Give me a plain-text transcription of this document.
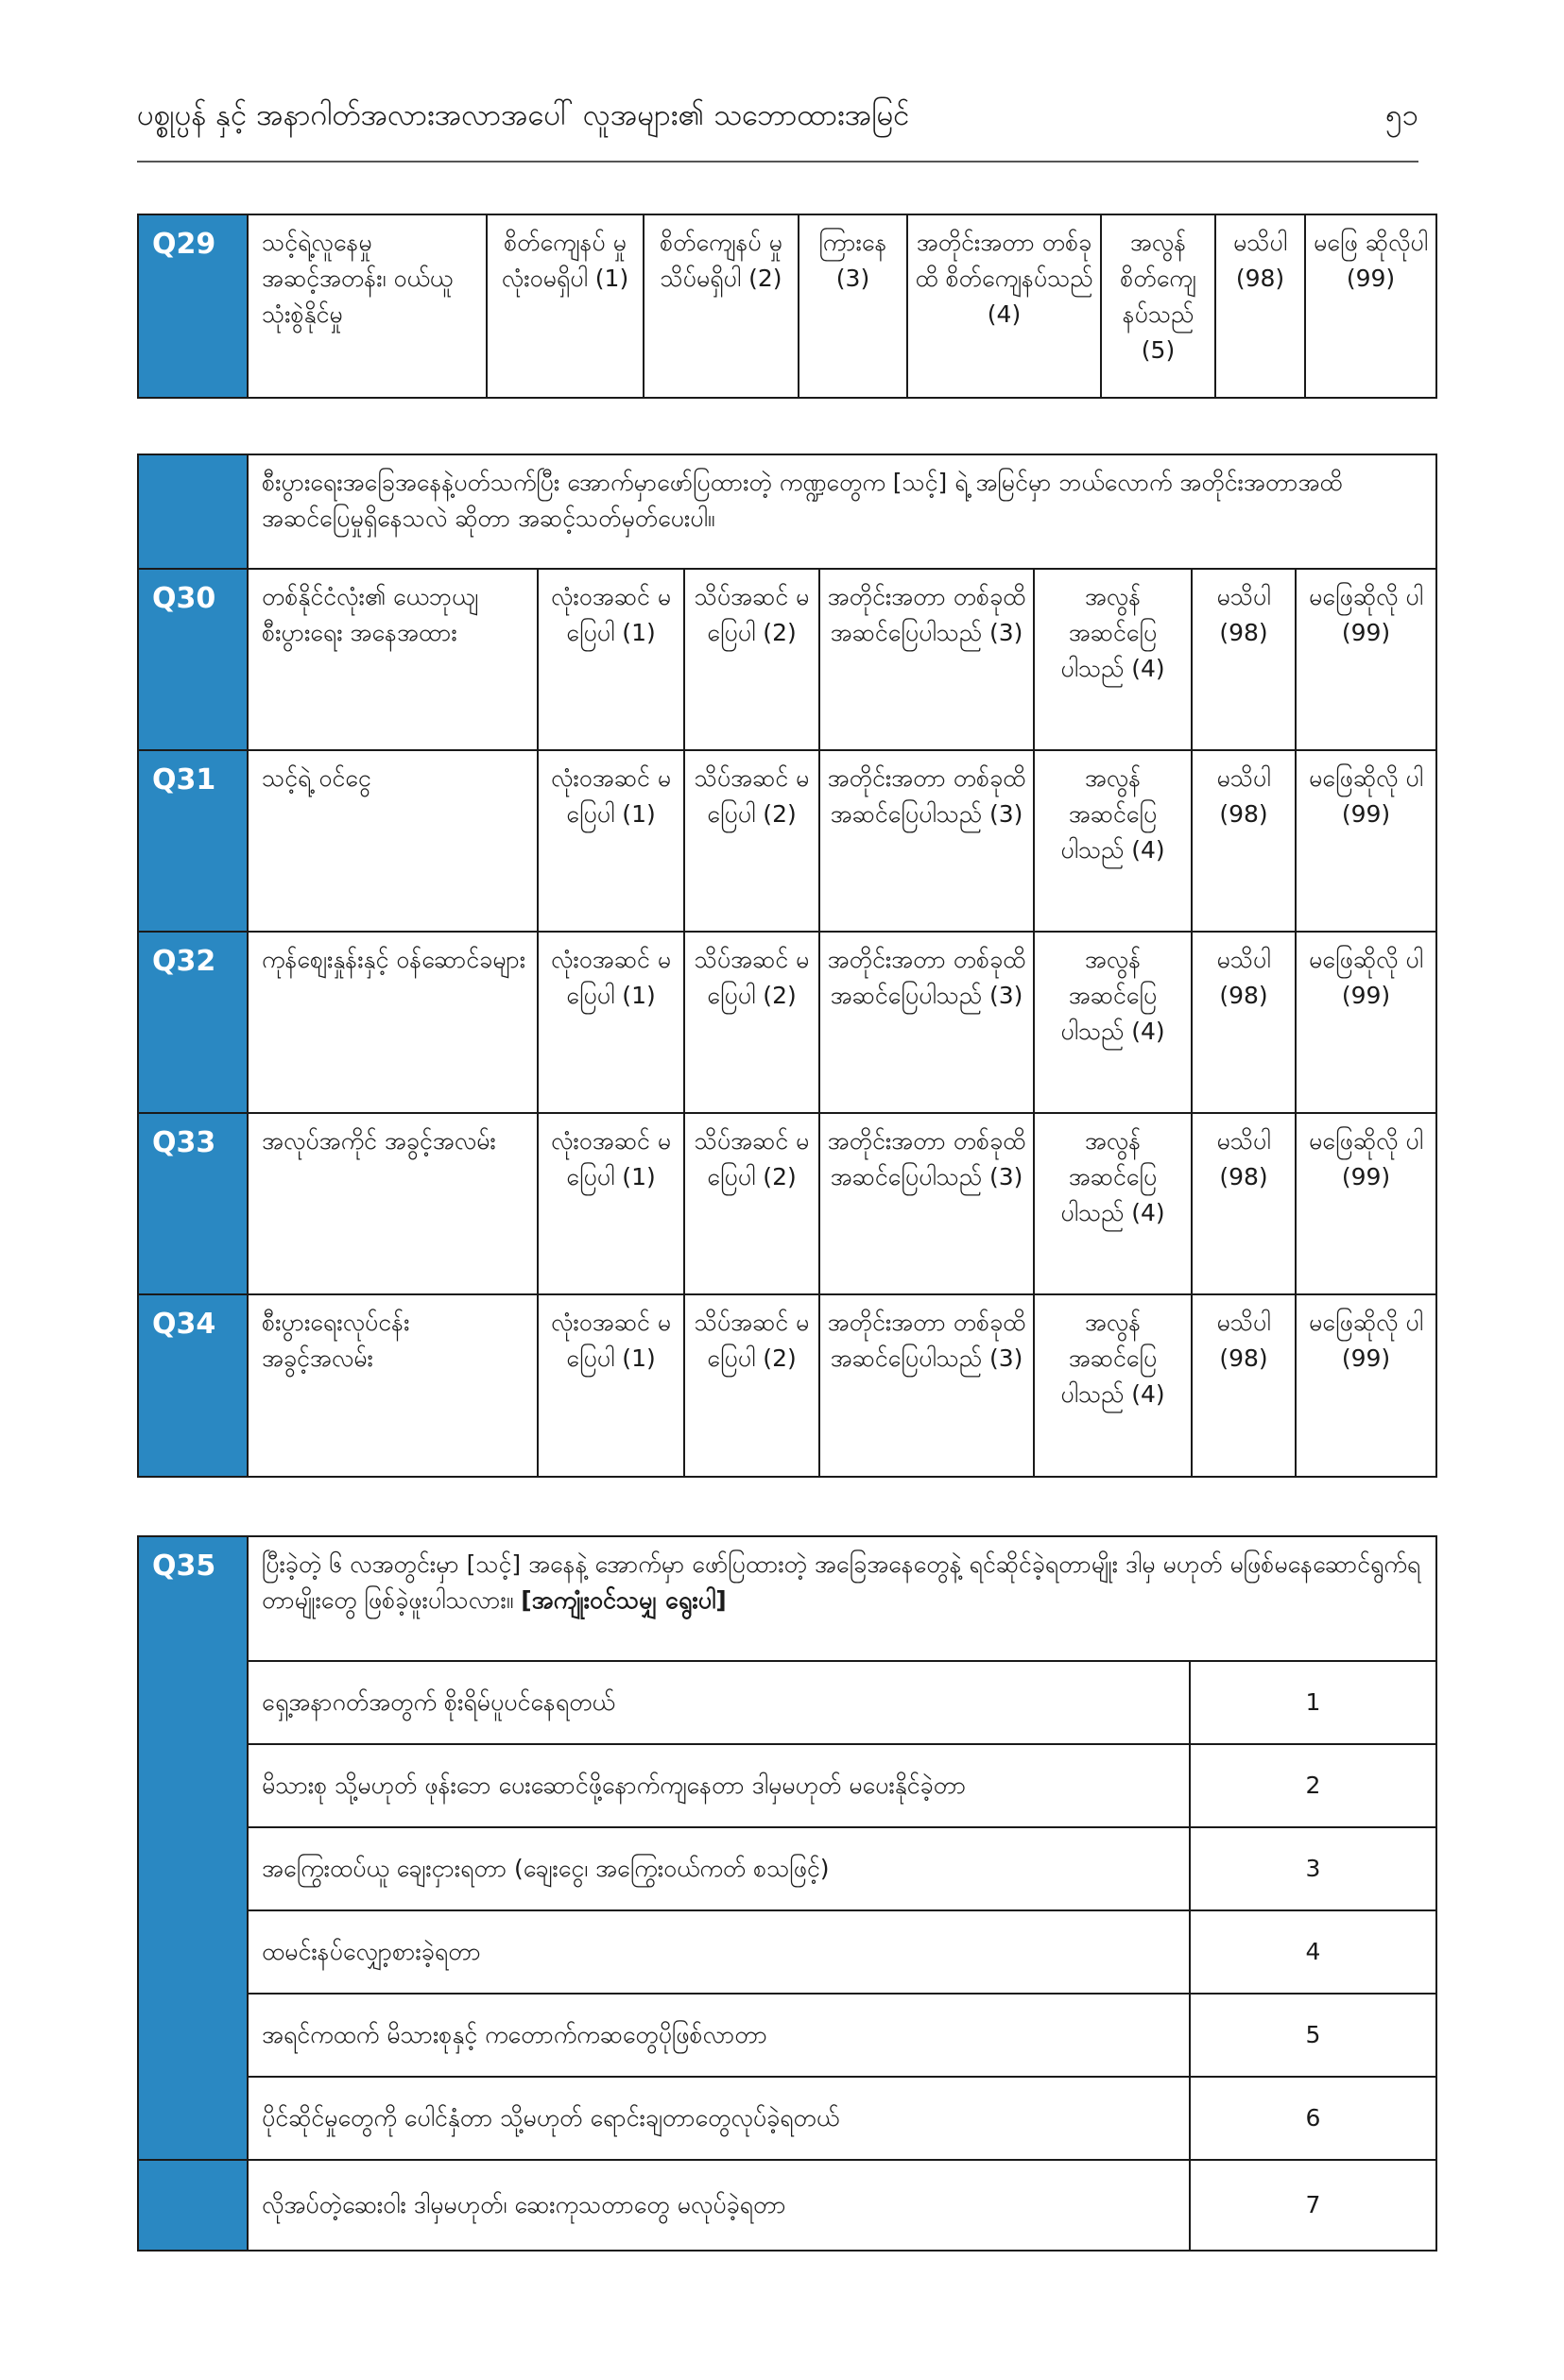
ပစ္စုပ္ပန် နှင့် အနာဂါတ်အလားအလာအပေါ် လူအများ၏ သဘောထားအမြင်	၅၁
Q29	သင့်ရဲ့လူနေမှု အဆင့်အတန်း၊ ဝယ်ယူသုံးစွဲနိုင်မှု	စိတ်ကျေနပ် မှုလုံးဝမရှိပါ (1)	စိတ်ကျေနပ် မှုသိပ်မရှိပါ (2)	ကြားနေ (3)	အတိုင်းအတာ တစ်ခုထိ စိတ်ကျေနပ်သည် (4)	အလွန် စိတ်ကျေ နပ်သည် (5)	မသိပါ (98)	မဖြေ ဆိုလိုပါ (99)
	စီးပွားရေးအခြေအနေနဲ့ပတ်သက်ပြီး အောက်မှာဖော်ပြထားတဲ့ ကဏ္ဍတွေက [သင့်] ရဲ့ အမြင်မှာ ဘယ်လောက် အတိုင်းအတာအထိ အဆင်ပြေမှုရှိနေသလဲ ဆိုတာ အဆင့်သတ်မှတ်ပေးပါ။						
Q30	တစ်နိုင်ငံလုံး၏ ယေဘုယျစီးပွားရေး အနေအထား	လုံးဝအဆင် မပြေပါ (1)	သိပ်အဆင် မပြေပါ (2)	အတိုင်းအတာ တစ်ခုထိ အဆင်ပြေပါသည် (3)	အလွန် အဆင်ပြေ ပါသည် (4)	မသိပါ (98)	မဖြေဆိုလို ပါ (99)
Q31	သင့်ရဲ့ ဝင်ငွေ	လုံးဝအဆင် မပြေပါ (1)	သိပ်အဆင် မပြေပါ (2)	အတိုင်းအတာ တစ်ခုထိ အဆင်ပြေပါသည် (3)	အလွန် အဆင်ပြေ ပါသည် (4)	မသိပါ (98)	မဖြေဆိုလို ပါ (99)
Q32	ကုန်စျေးနှုန်းနှင့် ဝန်ဆောင်ခများ	လုံးဝအဆင် မပြေပါ (1)	သိပ်အဆင် မပြေပါ (2)	အတိုင်းအတာ တစ်ခုထိ အဆင်ပြေပါသည် (3)	အလွန် အဆင်ပြေ ပါသည် (4)	မသိပါ (98)	မဖြေဆိုလို ပါ (99)
Q33	အလုပ်အကိုင် အခွင့်အလမ်း	လုံးဝအဆင် မပြေပါ (1)	သိပ်အဆင် မပြေပါ (2)	အတိုင်းအတာ တစ်ခုထိ အဆင်ပြေပါသည် (3)	အလွန် အဆင်ပြေ ပါသည် (4)	မသိပါ (98)	မဖြေဆိုလို ပါ (99)
Q34	စီးပွားရေးလုပ်ငန်း အခွင့်အလမ်း	လုံးဝအဆင် မပြေပါ (1)	သိပ်အဆင် မပြေပါ (2)	အတိုင်းအတာ တစ်ခုထိ အဆင်ပြေပါသည် (3)	အလွန် အဆင်ပြေ ပါသည် (4)	မသိပါ (98)	မဖြေဆိုလို ပါ (99)
Q35	ပြီးခဲ့တဲ့ ၆ လအတွင်းမှာ [သင့်] အနေနဲ့ အောက်မှာ ဖော်ပြထားတဲ့ အခြေအနေတွေနဲ့ ရင်ဆိုင်ခဲ့ရတာမျိုး ဒါမှ မဟုတ် မဖြစ်မနေဆောင်ရွက်ရတာမျိုးတွေ ဖြစ်ခဲ့ဖူးပါသလား။ [အကျုံးဝင်သမျှ ရွေးပါ]	
	ရှေ့အနာဂတ်အတွက် စိုးရိမ်ပူပင်နေရတယ်	1
	မိသားစု သို့မဟုတ် ဖုန်းဘေ ပေးဆောင်ဖို့နောက်ကျနေတာ ဒါမှမဟုတ် မပေးနိုင်ခဲ့တာ	2
	အကြွေးထပ်ယူ ချေးငှားရတာ (ချေးငွေ၊ အကြွေးဝယ်ကတ် စသဖြင့်)	3
	ထမင်းနပ်လျှော့စားခဲ့ရတာ	4
	အရင်ကထက် မိသားစုနှင့် ကတောက်ကဆတွေပိုဖြစ်လာတာ	5
	ပိုင်ဆိုင်မှုတွေကို ပေါင်နှံတာ သို့မဟုတ် ရောင်းချတာတွေလုပ်ခဲ့ရတယ်	6
	လိုအပ်တဲ့ဆေးဝါး ဒါမှမဟုတ်၊ ဆေးကုသတာတွေ မလုပ်ခဲ့ရတာ	7
